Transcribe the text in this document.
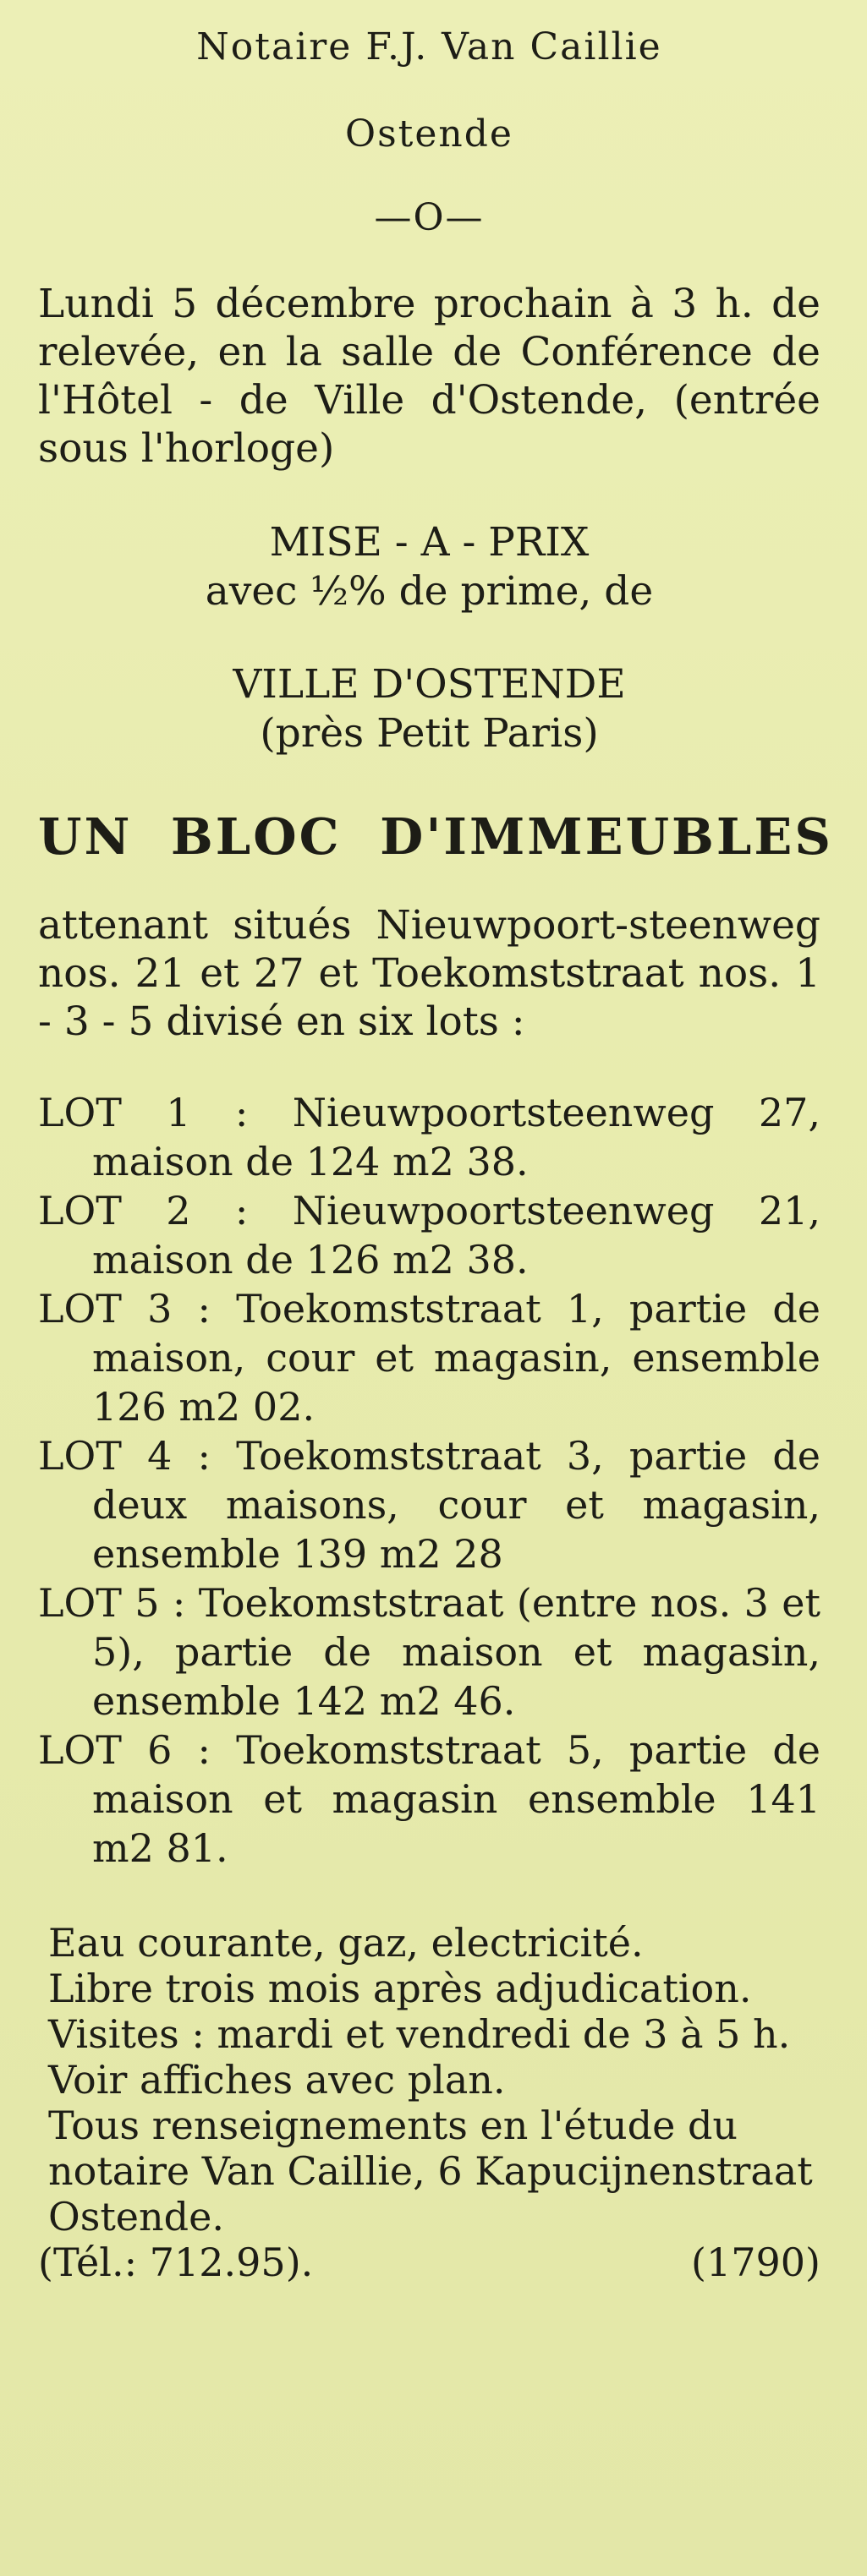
Notaire F.J. Van Caillie

Ostende

—O—

Lundi 5 décembre prochain à 3 h. de relevée, en la salle de Conférence de l'Hôtel - de Ville d'Ostende, (entrée sous l'horloge)

MISE - A - PRIX
avec ½% de prime, de
VILLE D'OSTENDE
(près Petit Paris)
UN BLOC D'IMMEUBLES

attenant situés Nieuwpoort-steenweg nos. 21 et 27 et Toekomststraat nos. 1 - 3 - 5 divisé en six lots :

LOT 1 : Nieuwpoortsteenweg 27, maison de 124 m2 38.

LOT 2 : Nieuwpoortsteenweg 21, maison de 126 m2 38.

LOT 3 : Toekomststraat 1, partie de maison, cour et magasin, ensemble 126 m2 02.

LOT 4 : Toekomststraat 3, partie de deux maisons, cour et magasin, ensemble 139 m2 28

LOT 5 : Toekomststraat (entre nos. 3 et 5), partie de maison et magasin, ensemble 142 m2 46.

LOT 6 : Toekomststraat 5, partie de maison et magasin ensemble 141 m2 81.

Eau courante, gaz, electricité.

Libre trois mois après adjudication.

Visites : mardi et vendredi de 3 à 5 h.

Voir affiches avec plan.

Tous renseignements en l'étude du notaire Van Caillie, 6 Kapucijnenstraat Ostende.

(Tél.: 712.95).	(1790)
